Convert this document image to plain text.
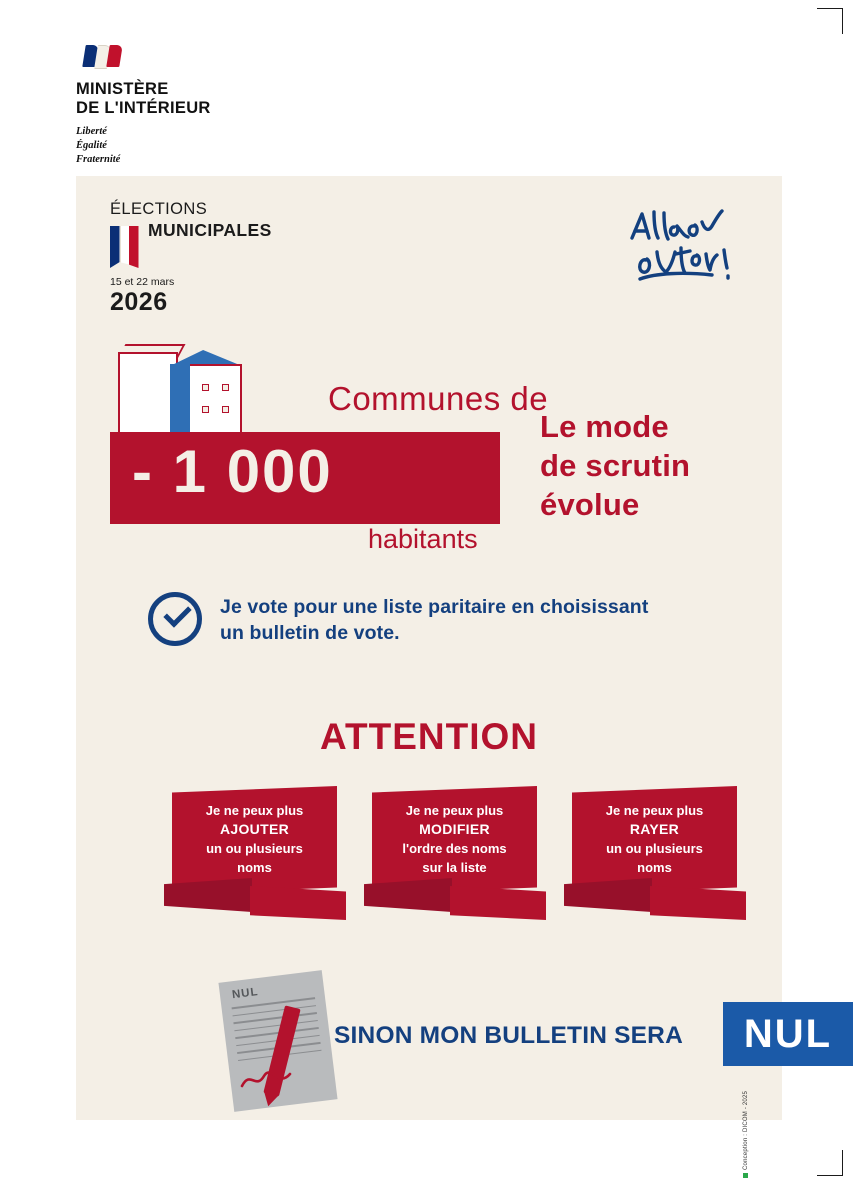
MINISTÈRE
DE L'INTÉRIEUR
Liberté
Égalité
Fraternité
ÉLECTIONS
MUNICIPALES
15 et 22 mars
2026
Communes de
- 1 000
habitants
Le mode
de scrutin évolue
Je vote pour une liste paritaire en choisissant
un bulletin de vote.
ATTENTION
Je ne peux plus
AJOUTER
un ou plusieurs
noms
Je ne peux plus
MODIFIER
l'ordre des noms
sur la liste
Je ne peux plus
RAYER
un ou plusieurs
noms
NUL
SINON MON BULLETIN SERA NUL
Conception : DICOM - 2025
